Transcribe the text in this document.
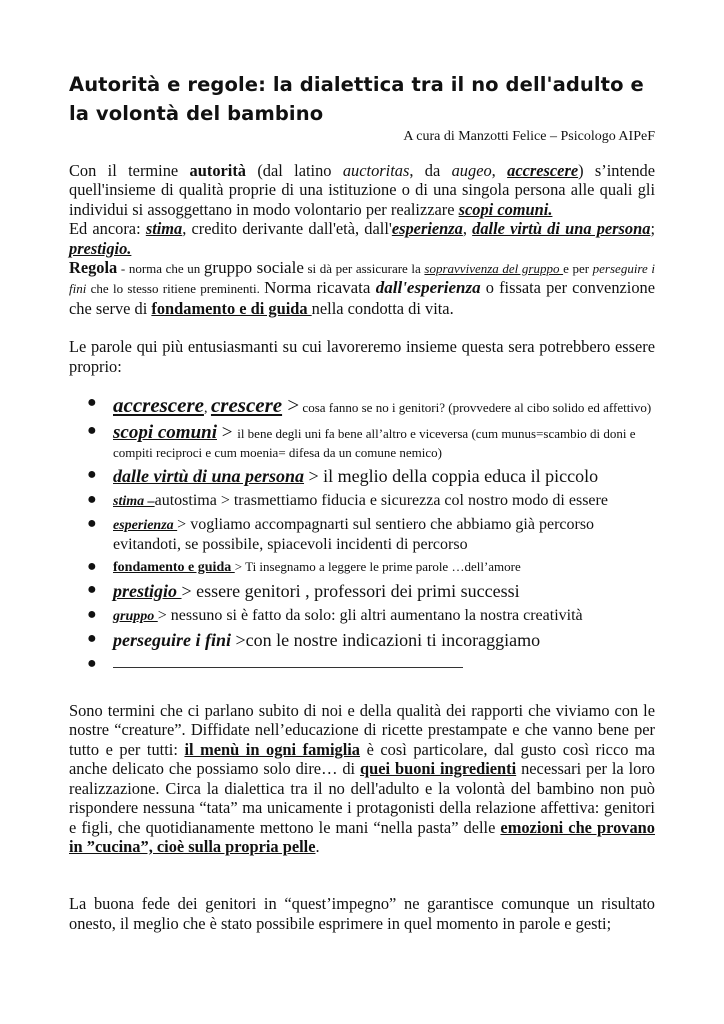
Autorità e regole: la dialettica tra il no dell'adulto e la volontà del bambino
A cura di Manzotti Felice – Psicologo AIPeF

Con il termine autorità (dal latino auctoritas, da augeo, accrescere) s’intende quell'insieme di qualità proprie di una istituzione o di una singola persona alle quali gli individui si assoggettano in modo volontario per realizzare scopi comuni.

Ed ancora: stima, credito derivante dall'età, dall'esperienza, dalle virtù di una persona; prestigio.

Regola - norma che un gruppo sociale si dà per assicurare la sopravvivenza del gruppo e per perseguire i fini che lo stesso ritiene preminenti. Norma ricavata dall'esperienza o fissata per convenzione che serve di fondamento e di guida nella condotta di vita.

Le parole qui più entusiasmanti su cui lavoreremo insieme questa sera potrebbero essere proprio:

● accrescere, crescere > cosa fanno se no i genitori? (provvedere al cibo solido ed affettivo)
● scopi comuni > il bene degli uni fa bene all’altro e viceversa (cum munus=scambio di doni e compiti reciproci e cum moenia= difesa da un comune nemico)
● dalle virtù di una persona > il meglio della coppia educa il piccolo
● stima –autostima > trasmettiamo fiducia e sicurezza col nostro modo di essere
● esperienza > vogliamo accompagnarti sul sentiero che abbiamo già percorso evitandoti, se possibile, spiacevoli incidenti di percorso
● fondamento e guida > Ti insegnamo a leggere le prime parole …dell’amore
● prestigio > essere genitori , professori dei primi successi
● gruppo > nessuno si è fatto da solo: gli altri aumentano la nostra creatività
● perseguire i fini >con le nostre indicazioni ti incoraggiamo
●

Sono termini che ci parlano subito di noi e della qualità dei rapporti che viviamo con le nostre “creature”. Diffidate nell’educazione di ricette prestampate e che vanno bene per tutto e per tutti: il menù in ogni famiglia è così particolare, dal gusto così ricco ma anche delicato che possiamo solo dire… di quei buoni ingredienti necessari per la loro realizzazione. Circa la dialettica tra il no dell'adulto e la volontà del bambino non può rispondere nessuna “tata” ma unicamente i protagonisti della relazione affettiva: genitori e figli, che quotidianamente mettono le mani “nella pasta” delle emozioni che provano in ”cucina”, cioè sulla propria pelle.

La buona fede dei genitori in “quest’impegno” ne garantisce comunque un risultato onesto, il meglio che è stato possibile esprimere in quel momento in parole e gesti;
